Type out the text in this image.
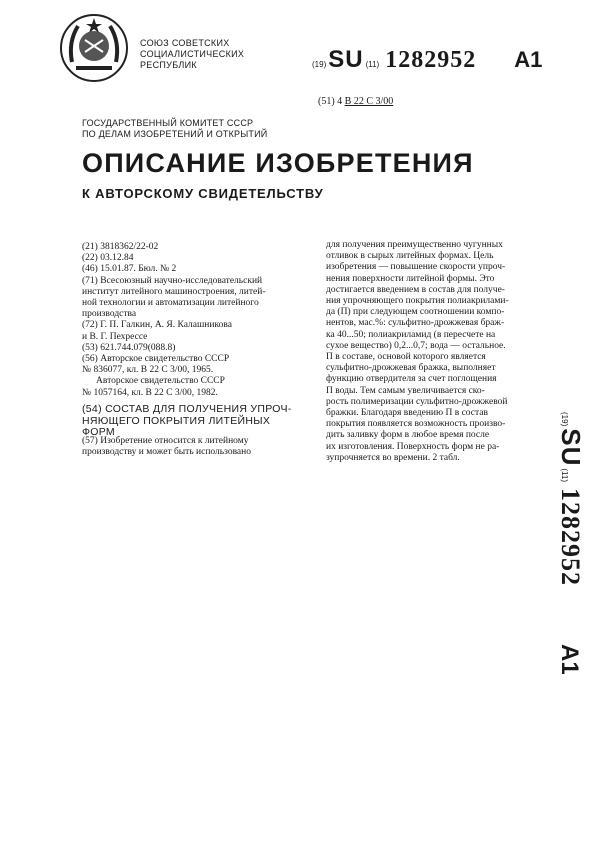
СОЮЗ СОВЕТСКИХ
СОЦИАЛИСТИЧЕСКИХ
РЕСПУБЛИК	(19) SU (11) 1282952 А1
(51) 4 В 22 С 3/00
ГОСУДАРСТВЕННЫЙ КОМИТЕТ СССР
ПО ДЕЛАМ ИЗОБРЕТЕНИЙ И ОТКРЫТИЙ
ОПИСАНИЕ ИЗОБРЕТЕНИЯ
К АВТОРСКОМУ СВИДЕТЕЛЬСТВУ
(21) 3818362/22-02
(22) 03.12.84
(46) 15.01.87. Бюл. № 2
(71) Всесоюзный научно-исследовательский
институт литейного машиностроения, литей-
ной технологии и автоматизации литейного
производства
(72) Г. П. Галкин, А. Я. Калашникова
и В. Г. Пехрессе
(53) 621.744.079(088.8)
(56) Авторское свидетельство СССР
№ 836077, кл. В 22 С 3/00, 1965.
Авторское свидетельство СССР
№ 1057164, кл. В 22 С 3/00, 1982.
(54) СОСТАВ ДЛЯ ПОЛУЧЕНИЯ УПРОЧ-
НЯЮЩЕГО ПОКРЫТИЯ ЛИТЕЙНЫХ
ФОРМ
(57) Изобретение относится к литейному
производству и может быть использовано
для получения преимущественно чугунных
отливок в сырых литейных формах. Цель
изобретения — повышение скорости упроч-
нения поверхности литейной формы. Это
достигается введением в состав для получе-
ния упрочняющего покрытия полиакрилами-
да (П) при следующем соотношении компо-
нентов, мас.%: сульфитно-дрожжевая браж-
ка 40...50; полиакриламид (в пересчете на
сухое вещество) 0,2...0,7; вода — остальное.
П в составе, основой которого является
сульфитно-дрожжевая бражка, выполняет
функцию отвердителя за счет поглощения
П воды. Тем самым увеличивается ско-
рость полимеризации сульфитно-дрожжевой
бражки. Благодаря введению П в состав
покрытия появляется возможность произво-
дить заливку форм в любое время после
их изготовления. Поверхность форм не ра-
зупрочняется во времени. 2 табл.
(19)
SU
(11)
1282952
А1
